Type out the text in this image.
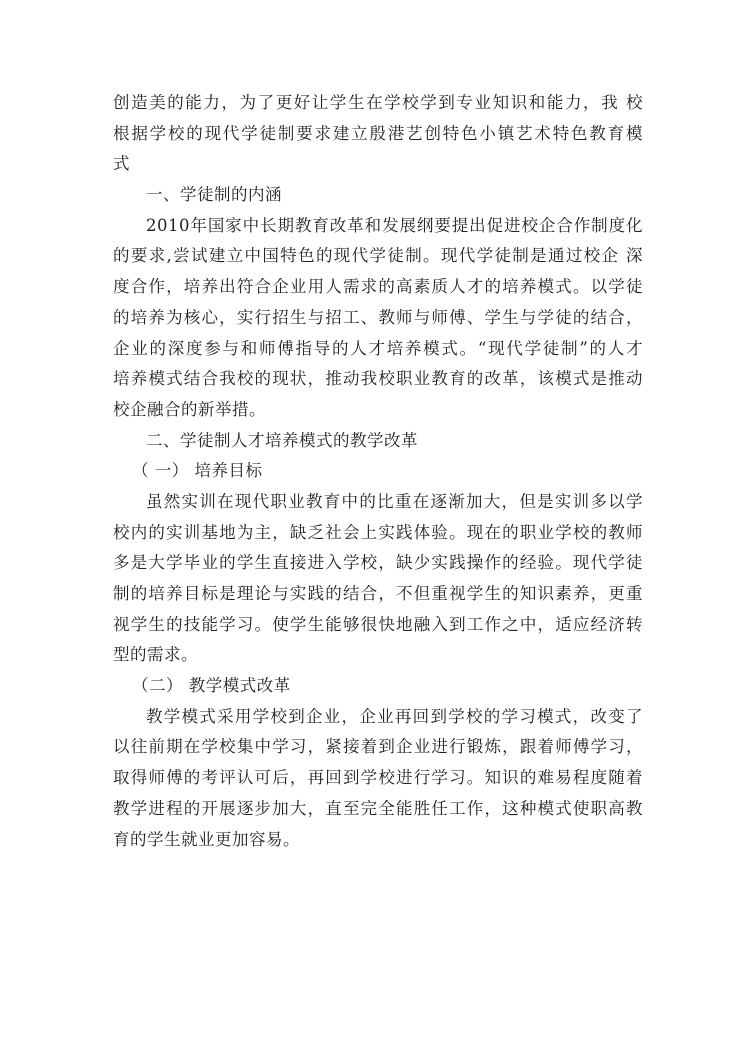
创造美的能力，为了更好让学生在学校学到专业知识和能力，我 校
根据学校的现代学徒制要求建立殷港艺创特色小镇艺术特色教育模
式
一、学徒制的内涵
2010年国家中长期教育改革和发展纲要提出促进校企合作制度化
的要求,尝试建立中国特色的现代学徒制。现代学徒制是通过校企 深
度合作，培养出符合企业用人需求的高素质人才的培养模式。以学徒
的培养为核心，实行招生与招工、教师与师傅、学生与学徒的结合，
企业的深度参与和师傅指导的人才培养模式。“现代学徒制”的人才
培养模式结合我校的现状，推动我校职业教育的改革，该模式是推动
校企融合的新举措。
二、学徒制人才培养模式的教学改革
（ 一） 培养目标
虽然实训在现代职业教育中的比重在逐渐加大，但是实训多以学
校内的实训基地为主，缺乏社会上实践体验。现在的职业学校的教师
多是大学毕业的学生直接进入学校，缺少实践操作的经验。现代学徒
制的培养目标是理论与实践的结合，不但重视学生的知识素养，更重
视学生的技能学习。使学生能够很快地融入到工作之中，适应经济转
型的需求。
（二） 教学模式改革
教学模式采用学校到企业，企业再回到学校的学习模式，改变了
以往前期在学校集中学习，紧接着到企业进行锻炼，跟着师傅学习，
取得师傅的考评认可后，再回到学校进行学习。知识的难易程度随着
教学进程的开展逐步加大，直至完全能胜任工作，这种模式使职高教
育的学生就业更加容易。
